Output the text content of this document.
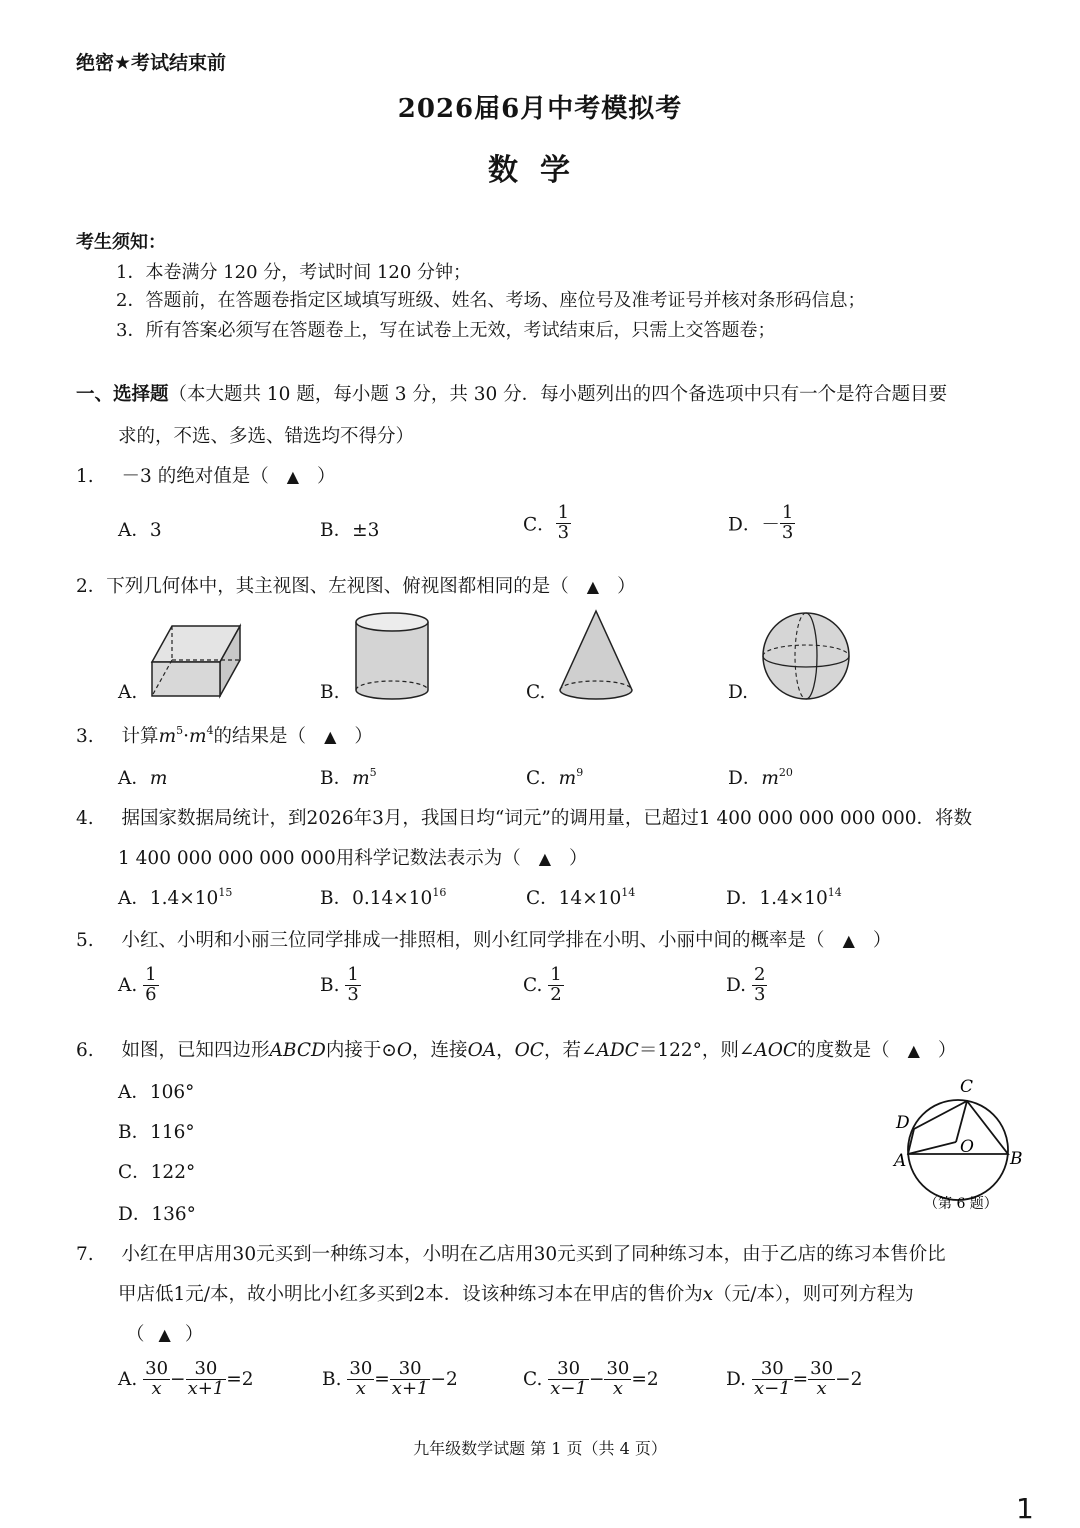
绝密★考试结束前
2026届6月中考模拟考
数学
考生须知：
1．本卷满分 120 分，考试时间 120 分钟；
2．答题前，在答题卷指定区域填写班级、姓名、考场、座位号及准考证号并核对条形码信息；
3．所有答案必须写在答题卷上，写在试卷上无效，考试结束后，只需上交答题卷；
一、选择题（本大题共 10 题，每小题 3 分，共 30 分．每小题列出的四个备选项中只有一个是符合题目要
求的，不选、多选、错选均不得分）
1. －3 的绝对值是（ ▲ ）
A．3	B．±3	C． $\frac{1}{3}$	D．－ $\frac{1}{3}$
2．下列几何体中，其主视图、左视图、俯视图都相同的是（ ▲ ）
A.	B.	C.	D.
3. 计算$m^5\cdot m^4$的结果是（ ▲ ）
A．m	B．$m^5$	C．$m^9$	D．$m^{20}$
4. 据国家数据局统计，到2026年3月，我国日均“词元”的调用量，已超过1 400 000 000 000 000．将数
1 400 000 000 000 000用科学记数法表示为（ ▲ ）
A．$1.4\times 10^{15}$	B．$0.14\times 10^{16}$	C．$14\times 10^{14}$	D．$1.4\times 10^{14}$
5. 小红、小明和小丽三位同学排成一排照相，则小红同学排在小明、小丽中间的概率是（ ▲ ）
A. $\frac{1}{6}$	B. $\frac{1}{3}$	C. $\frac{1}{2}$	D. $\frac{2}{3}$
6. 如图，已知四边形ABCD内接于⊙O，连接OA，OC，若∠ADC＝122°，则∠AOC的度数是（ ▲ ）
A．106°
B．116°
C．122°
D．136°
C
D
A	B
O
（第 6 题）
7. 小红在甲店用30元买到一种练习本，小明在乙店用30元买到了同种练习本，由于乙店的练习本售价比
甲店低1元/本，故小明比小红多买到2本．设该种练习本在甲店的售价为x（元/本），则可列方程为
（ ▲ ）
A. $\frac{30}{x} - \frac{30}{x+1} =2$	B. $\frac{30}{x} = \frac{30}{x+1} -2$	C. $\frac{30}{x-1} - \frac{30}{x} =2$	D. $\frac{30}{x-1} = \frac{30}{x} -2$
九年级数学试题 第 1 页（共 4 页）
1
